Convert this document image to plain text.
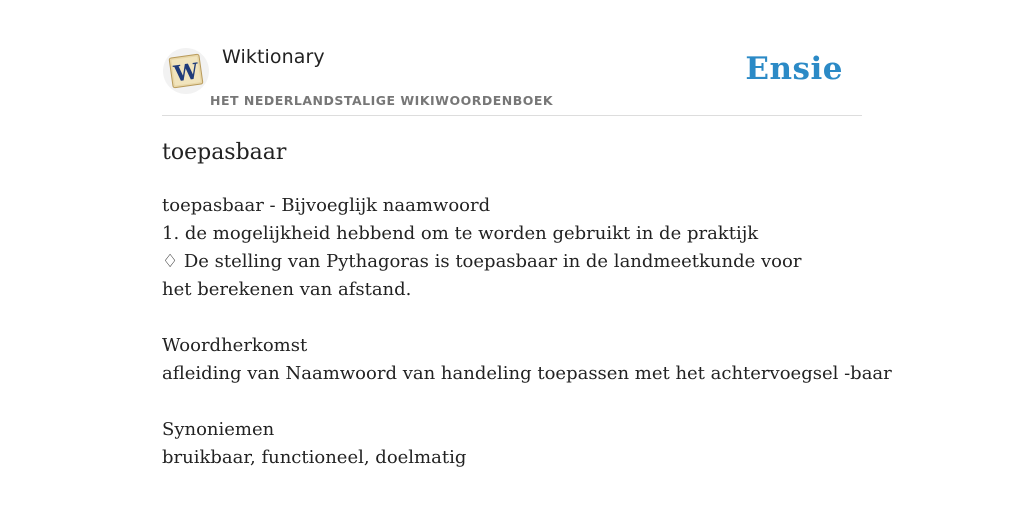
W
Wiktionary
HET NEDERLANDSTALIGE WIKIWOORDENBOEK
Ensie
toepasbaar
toepasbaar - Bijvoeglijk naamwoord
1. de mogelijkheid hebbend om te worden gebruikt in de praktijk
♢ De stelling van Pythagoras is toepasbaar in de landmeetkunde voor het berekenen van afstand.
Woordherkomst
afleiding van Naamwoord van handeling toepassen met het achtervoegsel -baar
Synoniemen
bruikbaar, functioneel, doelmatig
